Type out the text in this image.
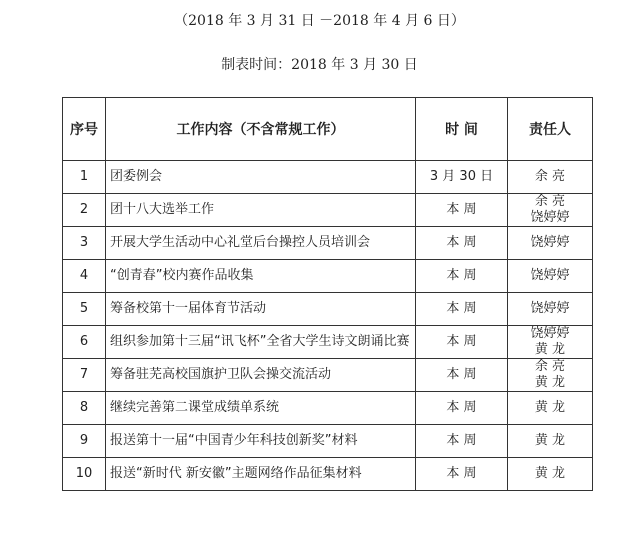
（2018 年 3 月 31 日 －2018 年 4 月 6 日）
制表时间：2018 年 3 月 30 日
序号	工作内容（不含常规工作）	时 间	责任人
1	团委例会	3 月 30 日	余 亮

2	团十八大选举工作	本 周	余 亮
饶婷婷

3	开展大学生活动中心礼堂后台操控人员培训会	本 周	饶婷婷

4	“创青春”校内赛作品收集	本 周	饶婷婷

5	筹备校第十一届体育节活动	本 周	饶婷婷

6	组织参加第十三届“讯飞杯”全省大学生诗文朗诵比赛	本 周	饶婷婷
黄 龙

7	筹备驻芜高校国旗护卫队会操交流活动	本 周	余 亮
黄 龙

8	继续完善第二课堂成绩单系统	本 周	黄 龙

9	报送第十一届“中国青少年科技创新奖”材料	本 周	黄 龙

10	报送“新时代 新安徽”主题网络作品征集材料	本 周	黄 龙
